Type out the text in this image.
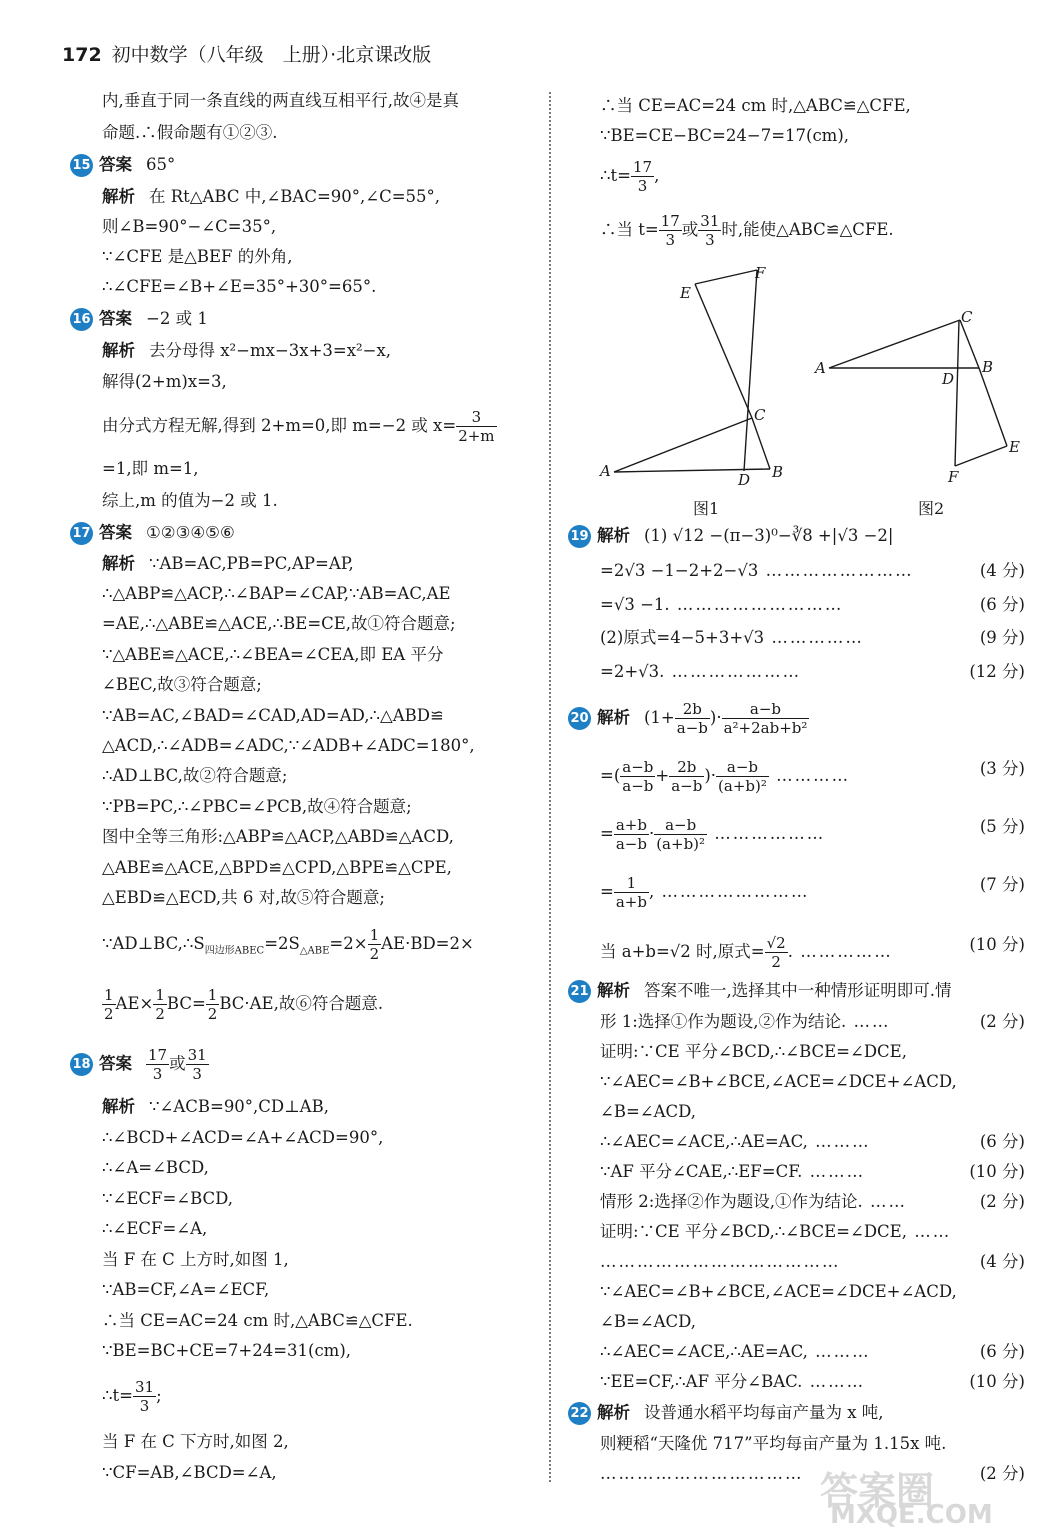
172 初中数学（八年级　上册）·北京课改版
内,垂直于同一条直线的两直线互相平行,故④是真
命题.∴假命题有①②③.
15 答案 65°
解析 在 Rt△ABC 中,∠BAC=90°,∠C=55°,
则∠B=90°−∠C=35°,
∵∠CFE 是△BEF 的外角,
∴∠CFE=∠B+∠E=35°+30°=65°.
16 答案 −2 或 1
解析 去分母得 x²−mx−3x+3=x²−x,
解得(2+m)x=3,
由分式方程无解,得到 2+m=0,即 m=−2 或 $x= \frac{3}{2+m}$
=1,即 m=1,
综上,m 的值为−2 或 1.
17 答案 ①②③④⑤⑥
解析 ∵AB=AC,PB=PC,AP=AP,
∴△ABP≌△ACP,∴∠BAP=∠CAP,∵AB=AC,AE
=AE,∴△ABE≌△ACE,∴BE=CE,故①符合题意;
∵△ABE≌△ACE,∴∠BEA=∠CEA,即 EA 平分
∠BEC,故③符合题意;
∵AB=AC,∠BAD=∠CAD,AD=AD,∴△ABD≌
△ACD,∴∠ADB=∠ADC,∵∠ADB+∠ADC=180°,
∴AD⊥BC,故②符合题意;
∵PB=PC,∴∠PBC=∠PCB,故④符合题意;
图中全等三角形:△ABP≌△ACP,△ABD≌△ACD,
△ABE≌△ACE,△BPD≌△CPD,△BPE≌△CPE,
△EBD≌△ECD,共 6 对,故⑤符合题意;
$\because AD\perp BC,\therefore S_{四边形ABEC}=2S_{\triangle ABE}=2\times \frac{1}{2} AE\cdot BD=2\times$
$\frac{1}{2} AE\times \frac{1}{2} BC= \frac{1}{2} BC\cdot AE$,故⑥符合题意.
18 答案 $\frac{17}{3}$ 或 $\frac{31}{3}$
解析 ∵∠ACB=90°,CD⊥AB,
∴∠BCD+∠ACD=∠A+∠ACD=90°,
∴∠A=∠BCD,
∵∠ECF=∠BCD,
∴∠ECF=∠A,
当 F 在 C 上方时,如图 1,
∵AB=CF,∠A=∠ECF,
∴当 CE=AC=24 cm 时,△ABC≌△CFE.
∵BE=BC+CE=7+24=31(cm),
∴t= $\frac{31}{3}$ ;
当 F 在 C 下方时,如图 2,
∵CF=AB,∠BCD=∠A,
∴当 CE=AC=24 cm 时,△ABC≌△CFE,
∵BE=CE−BC=24−7=17(cm),
∴t= $\frac{17}{3}$ ,
∴当 $t= \frac{17}{3}$ 或 $\frac{31}{3}$ 时,能使△ABC≌△CFE.
19 解析 (1) √12 −(π−3)⁰−∛8 +|√3 −2|
=2√3 −1−2+2−√3 ……………………	(4 分)
=√3 −1. ………………………	(6 分)
(2)原式=4−5+3+√3 ……………	(9 分)
=2+√3. …………………	(12 分)
20 解析 ($1+ \frac{2b}{a-b}$ )· $\frac{a-b}{\text{a²+2ab+b²}}$
=( $\frac{a-b}{a-b} + \frac{2b}{a-b}$ )· $\frac{a-b}{\text{(a+b)²}}$ …………	(3 分)
= $\frac{a+b}{a-b} \cdot \frac{a-b}{\text{(a+b)²}}$ ………………	(5 分)
= $\frac{1}{a+b}$ , ……………………	(7 分)
当 a+b=√2 时,原式= $\frac{√2}{2}$ . ……………	(10 分)
21 解析 答案不唯一,选择其中一种情形证明即可.情
形 1:选择①作为题设,②作为结论. ……	(2 分)
证明:∵CE 平分∠BCD,∴∠BCE=∠DCE,
∵∠AEC=∠B+∠BCE,∠ACE=∠DCE+∠ACD,
∠B=∠ACD,
∴∠AEC=∠ACE,∴AE=AC, ………	(6 分)
∵AF 平分∠CAE,∴EF=CF. ………	(10 分)
情形 2:选择②作为题设,①作为结论. ……	(2 分)
证明:∵CE 平分∠BCD,∴∠BCE=∠DCE, ……
…………………………………	(4 分)
∵∠AEC=∠B+∠BCE,∠ACE=∠DCE+∠ACD,
∠B=∠ACD,
∴∠AEC=∠ACE,∴AE=AC, ………	(6 分)
∵EE=CF,∴AF 平分∠BAC. ………	(10 分)
22 解析 设普通水稻平均每亩产量为 x 吨,
则粳稻“天隆优 717”平均每亩产量为 1.15x 吨.
……………………………	(2 分)
E
F
C
A	D B
C
A
D
B
F
E
图1	图2
答案圈
MXQE.COM
